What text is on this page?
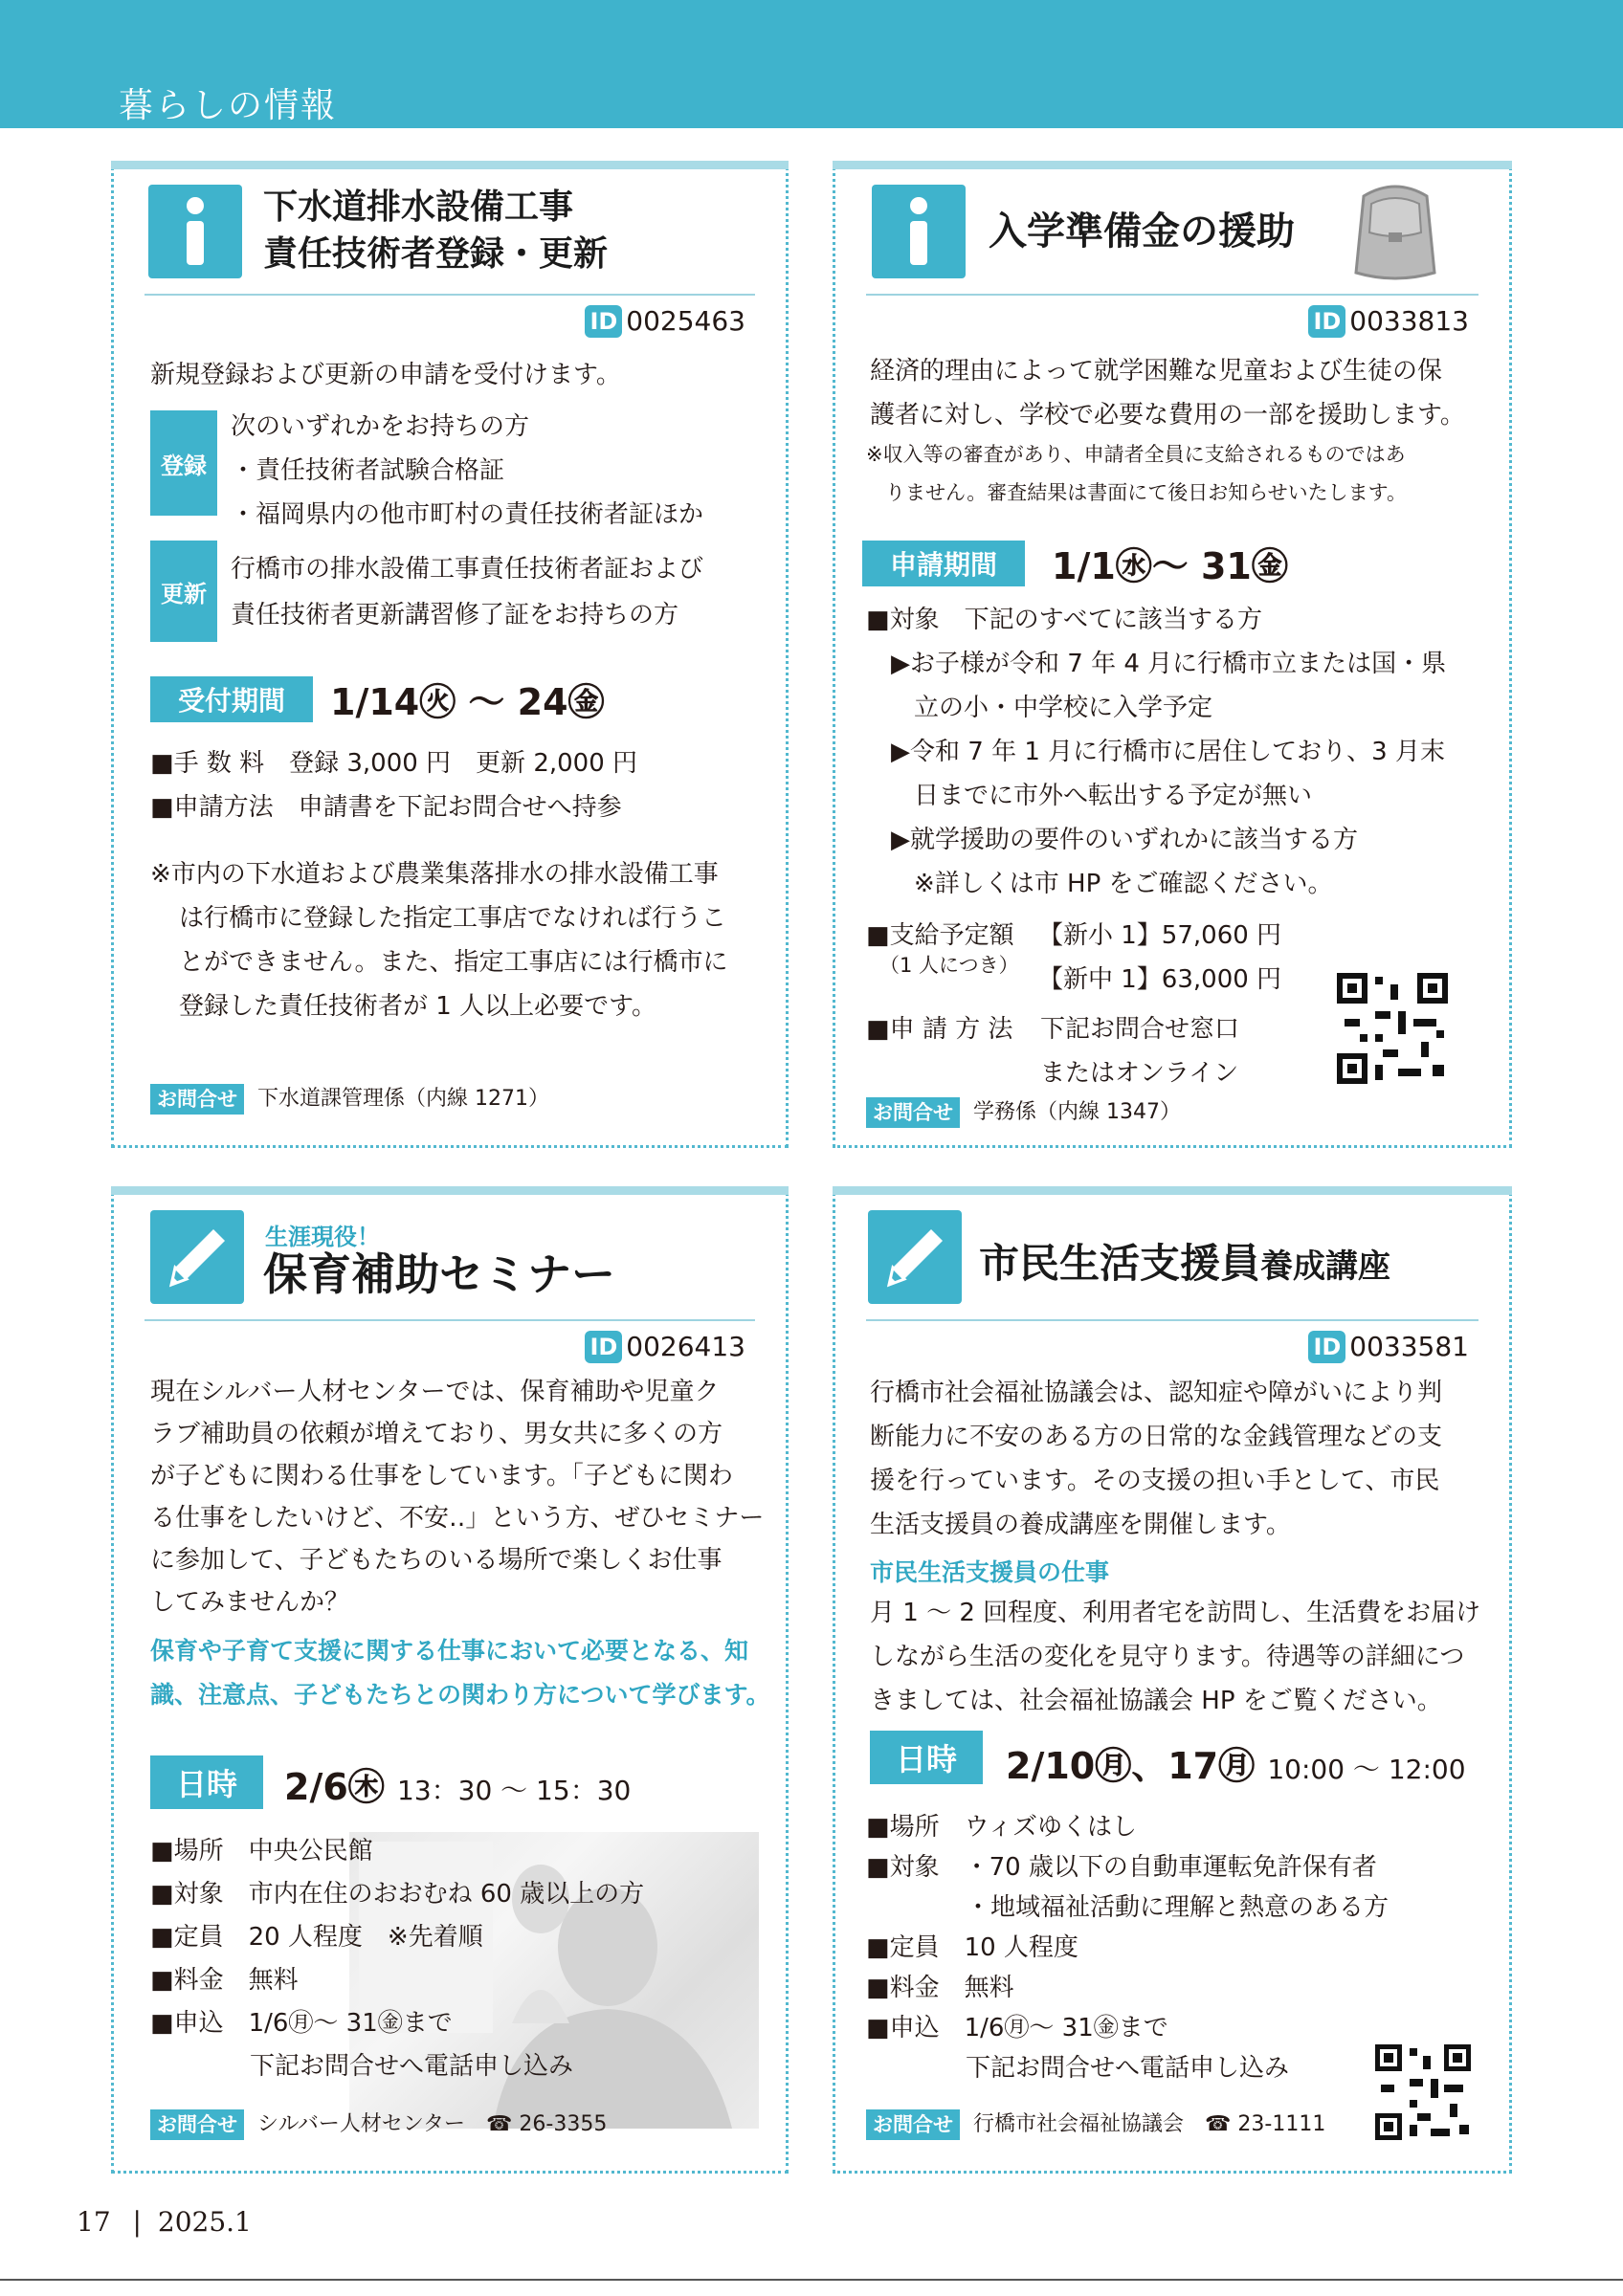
暮らしの情報
下水道排水設備工事
責任技術者登録・更新
ID 0025463
新規登録および更新の申請を受付けます。
登録
次のいずれかをお持ちの方
・責任技術者試験合格証
・福岡県内の他市町村の責任技術者証ほか
更新
行橋市の排水設備工事責任技術者証および
責任技術者更新講習修了証をお持ちの方
受付期間	1/14㊋ 〜 24㊎
■手 数 料　登録 3,000 円　更新 2,000 円
■申請方法　申請書を下記お問合せへ持参
※市内の下水道および農業集落排水の排水設備工事
は行橋市に登録した指定工事店でなければ行うこ
とができません。また、指定工事店には行橋市に
登録した責任技術者が 1 人以上必要です。
お問合せ 下水道課管理係（内線 1271）
入学準備金の援助
ID 0033813
経済的理由によって就学困難な児童および生徒の保
護者に対し、学校で必要な費用の一部を援助します。
※収入等の審査があり、申請者全員に支給されるものではあ
りません。審査結果は書面にて後日お知らせいたします。
申請期間	1/1㊌〜 31㊎
■対象　下記のすべてに該当する方
▶お子様が令和 7 年 4 月に行橋市立または国・県
立の小・中学校に入学予定
▶令和 7 年 1 月に行橋市に居住しており、3 月末
日までに市外へ転出する予定が無い
▶就学援助の要件のいずれかに該当する方
※詳しくは市 HP をご確認ください。
■支給予定額
（1 人につき）
【新小 1】57,060 円
【新中 1】63,000 円
■申 請 方 法 下記お問合せ窓口
またはオンライン
お問合せ 学務係（内線 1347）
生涯現役！
保育補助セミナー
ID 0026413
現在シルバー人材センターでは、保育補助や児童ク
ラブ補助員の依頼が増えており、男女共に多くの方
が子どもに関わる仕事をしています。「子どもに関わ
る仕事をしたいけど、不安‥」という方、ぜひセミナー
に参加して、子どもたちのいる場所で楽しくお仕事
してみませんか？
保育や子育て支援に関する仕事において必要となる、知
識、注意点、子どもたちとの関わり方について学びます。
日時	2/6㊍ 13：30 〜 15：30
■場所　中央公民館
■対象　市内在住のおおむね 60 歳以上の方
■定員　20 人程度　※先着順
■料金　無料
■申込　1/6㊊〜 31㊎まで
　　　　下記お問合せへ電話申し込み
お問合せ シルバー人材センター　☎ 26-3355
市民生活支援員養成講座
ID 0033581
行橋市社会福祉協議会は、認知症や障がいにより判
断能力に不安のある方の日常的な金銭管理などの支
援を行っています。その支援の担い手として、市民
生活支援員の養成講座を開催します。
市民生活支援員の仕事
月 1 〜 2 回程度、利用者宅を訪問し、生活費をお届け
しながら生活の変化を見守ります。待遇等の詳細につ
きましては、社会福祉協議会 HP をご覧ください。
日時	2/10㊊、17㊊ 10:00 〜 12:00
■場所　ウィズゆくはし
■対象　・70 歳以下の自動車運転免許保有者
　　　　・地域福祉活動に理解と熱意のある方
■定員　10 人程度
■料金　無料
■申込　1/6㊊〜 31㊎まで
　　　　下記お問合せへ電話申し込み
お問合せ 行橋市社会福祉協議会　☎ 23-1111
17 | 2025.1
